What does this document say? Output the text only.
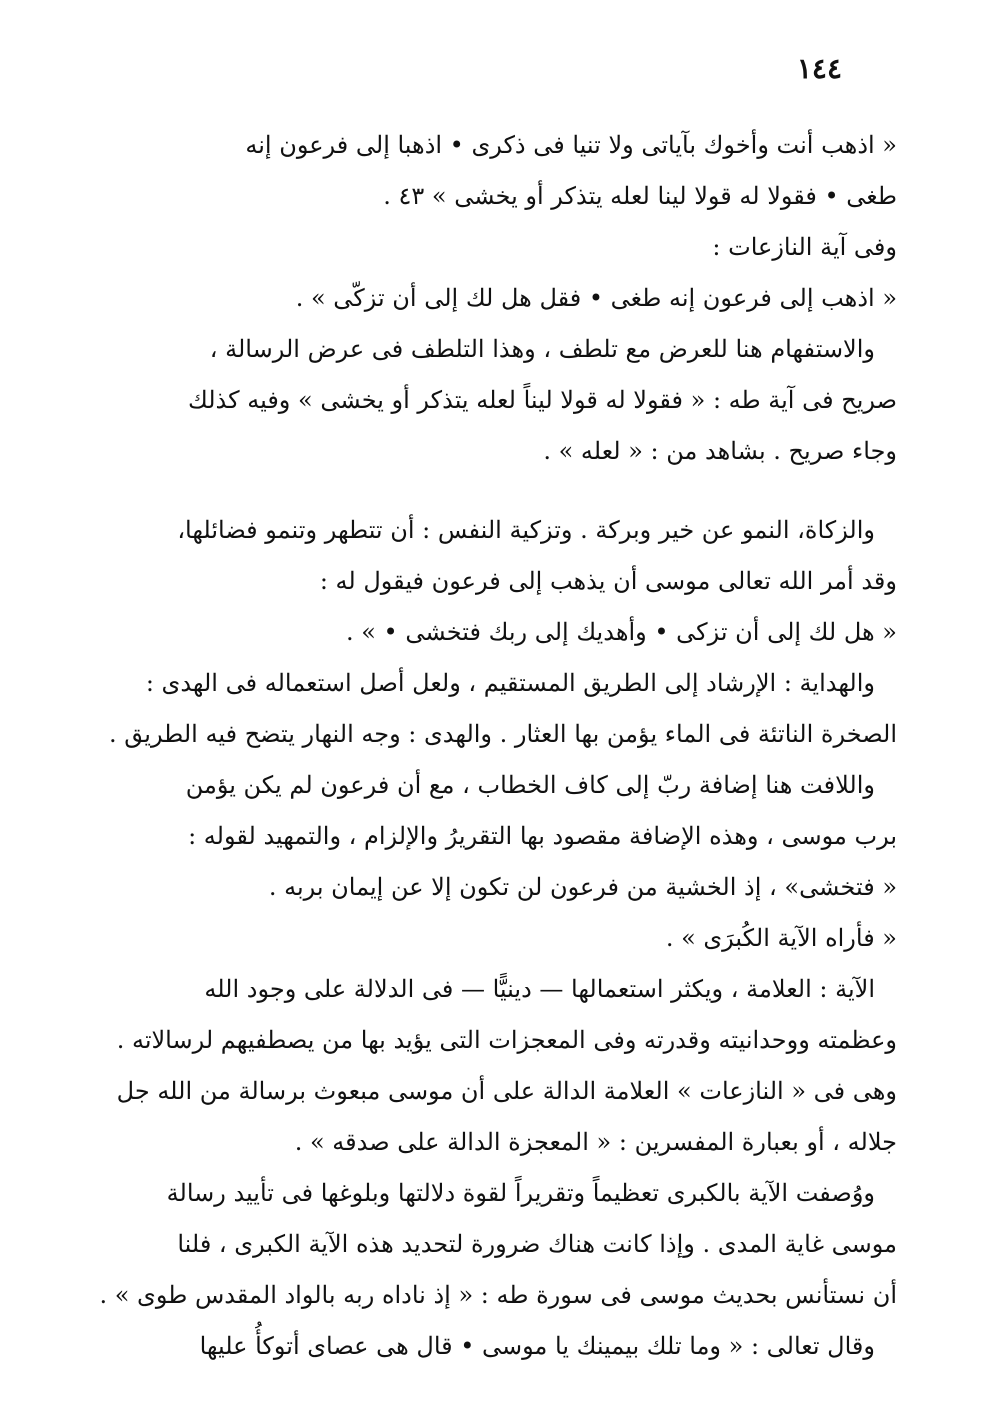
١٤٤
« اذهب أنت وأخوك بآياتى ولا تنيا فى ذكرى • اذهبا إلى فرعون إنه
طغى • فقولا له قولا لينا لعله يتذكر أو يخشى » ٤٣ .
وفى آية النازعات :
« اذهب إلى فرعون إنه طغى • فقل هل لك إلى أن تزكّى » .
والاستفهام هنا للعرض مع تلطف ، وهذا التلطف فى عرض الرسالة ،
صريح فى آية طه : « فقولا له قولا ليناً لعله يتذكر أو يخشى » وفيه كذلك
وجاء صريح . بشاهد من : « لعله » .
والزكاة، النمو عن خير وبركة . وتزكية النفس : أن تتطهر وتنمو فضائلها،
وقد أمر الله تعالى موسى أن يذهب إلى فرعون فيقول له :
« هل لك إلى أن تزكى • وأهديك إلى ربك فتخشى • » .
والهداية : الإرشاد إلى الطريق المستقيم ، ولعل أصل استعماله فى الهدى :
الصخرة الناتئة فى الماء يؤمن بها العثار . والهدى : وجه النهار يتضح فيه الطريق .
واللافت هنا إضافة ربّ إلى كاف الخطاب ، مع أن فرعون لم يكن يؤمن
برب موسى ، وهذه الإضافة مقصود بها التقريرُ والإلزام ، والتمهيد لقوله :
« فتخشى» ، إذ الخشية من فرعون لن تكون إلا عن إيمان بربه .
« فأراه الآية الكُبرَى » .
الآية : العلامة ، ويكثر استعمالها — دينيًّا — فى الدلالة على وجود الله
وعظمته ووحدانيته وقدرته وفى المعجزات التى يؤيد بها من يصطفيهم لرسالاته .
وهى فى « النازعات » العلامة الدالة على أن موسى مبعوث برسالة من الله جل
جلاله ، أو بعبارة المفسرين : « المعجزة الدالة على صدقه » .
ووُصفت الآية بالكبرى تعظيماً وتقريراً لقوة دلالتها وبلوغها فى تأييد رسالة
موسى غاية المدى . وإذا كانت هناك ضرورة لتحديد هذه الآية الكبرى ، فلنا
أن نستأنس بحديث موسى فى سورة طه : « إذ ناداه ربه بالواد المقدس طوى » .
وقال تعالى : « وما تلك بيمينك يا موسى • قال هى عصاى أتوكأُ عليها
